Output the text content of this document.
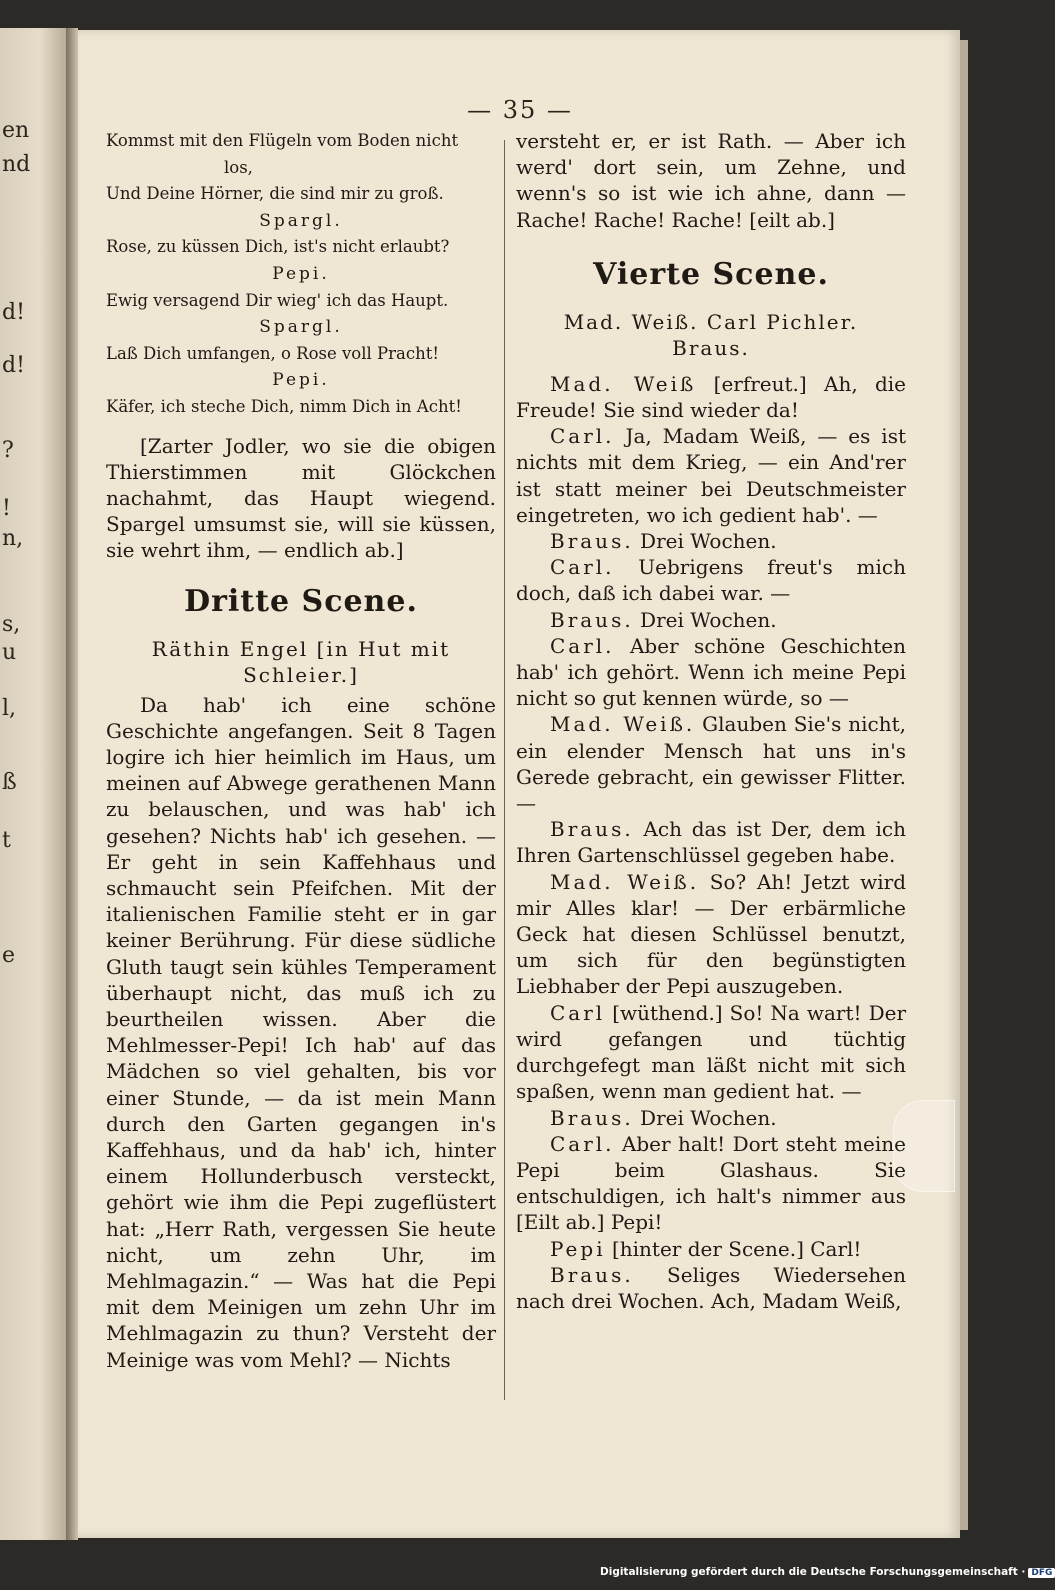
en
nd
d!
d!
?
!
n,
s,
u
l,
ß
t
e
— 35 —
Kommst mit den Flügeln vom Boden nicht
los,
Und Deine Hörner, die sind mir zu groß.
Spargl.
Rose, zu küssen Dich, ist's nicht erlaubt?
Pepi.
Ewig versagend Dir wieg' ich das Haupt.
Spargl.
Laß Dich umfangen, o Rose voll Pracht!
Pepi.
Käfer, ich steche Dich, nimm Dich in Acht!
[Zarter Jodler, wo sie die obigen Thierstimmen mit Glöckchen nachahmt, das Haupt wiegend. Spargel umsumst sie, will sie küssen, sie wehrt ihm, — endlich ab.]
Dritte Scene.
Räthin Engel [in Hut mit Schleier.]
Da hab' ich eine schöne Geschichte angefangen. Seit 8 Tagen logire ich hier heimlich im Haus, um meinen auf Abwege gerathenen Mann zu belauschen, und was hab' ich gesehen? Nichts hab' ich gesehen. — Er geht in sein Kaffehhaus und schmaucht sein Pfeifchen. Mit der italienischen Familie steht er in gar keiner Berührung. Für diese südliche Gluth taugt sein kühles Temperament überhaupt nicht, das muß ich zu beurtheilen wissen. Aber die Mehlmesser-Pepi! Ich hab' auf das Mädchen so viel gehalten, bis vor einer Stunde, — da ist mein Mann durch den Garten gegangen in's Kaffehhaus, und da hab' ich, hinter einem Hollunderbusch versteckt, gehört wie ihm die Pepi zugeflüstert hat: „Herr Rath, vergessen Sie heute nicht, um zehn Uhr, im Mehlmagazin.“ — Was hat die Pepi mit dem Meinigen um zehn Uhr im Mehlmagazin zu thun? Versteht der Meinige was vom Mehl? — Nichts
versteht er, er ist Rath. — Aber ich werd' dort sein, um Zehne, und wenn's so ist wie ich ahne, dann — Rache! Rache! Rache! [eilt ab.]
Vierte Scene.
Mad. Weiß. Carl Pichler.
Braus.
Mad. Weiß [erfreut.] Ah, die Freude! Sie sind wieder da!
Carl. Ja, Madam Weiß, — es ist nichts mit dem Krieg, — ein And'rer ist statt meiner bei Deutschmeister eingetreten, wo ich gedient hab'. —
Braus. Drei Wochen.
Carl. Uebrigens freut's mich doch, daß ich dabei war. —
Braus. Drei Wochen.
Carl. Aber schöne Geschichten hab' ich gehört. Wenn ich meine Pepi nicht so gut kennen würde, so —
Mad. Weiß. Glauben Sie's nicht, ein elender Mensch hat uns in's Gerede gebracht, ein gewisser Flitter. —
Braus. Ach das ist Der, dem ich Ihren Gartenschlüssel gegeben habe.
Mad. Weiß. So? Ah! Jetzt wird mir Alles klar! — Der erbärmliche Geck hat diesen Schlüssel benutzt, um sich für den begünstigten Liebhaber der Pepi auszugeben.
Carl [wüthend.] So! Na wart! Der wird gefangen und tüchtig durchgefegt man läßt nicht mit sich spaßen, wenn man gedient hat. —
Braus. Drei Wochen.
Carl. Aber halt! Dort steht meine Pepi beim Glashaus. Sie entschuldigen, ich halt's nimmer aus [Eilt ab.] Pepi!
Pepi [hinter der Scene.] Carl!
Braus. Seliges Wiedersehen nach drei Wochen. Ach, Madam Weiß,
Digitalisierung gefördert durch die Deutsche Forschungsgemeinschaft · DFG
